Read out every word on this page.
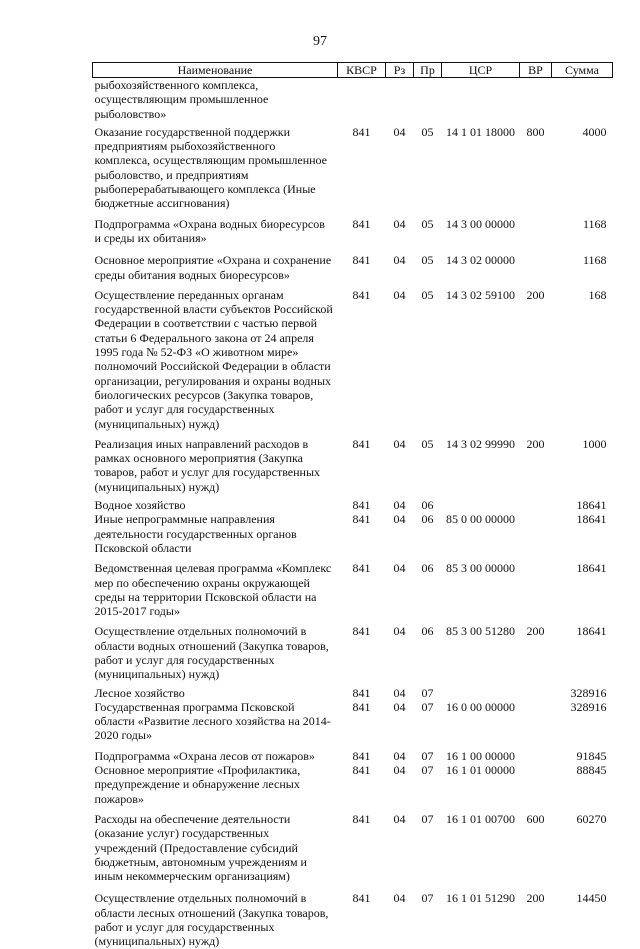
97
Наименование	КВСР	Рз	Пр	ЦСР	ВР	Сумма
рыбохозяйственного комплекса, осуществляющим промышленное рыболовство»						
Оказание государственной поддержки предприятиям рыбохозяйственного комплекса, осуществляющим промышленное рыболовство, и предприятиям рыбоперерабатывающего комплекса (Иные бюджетные ассигнования)	841	04	05	14 1 01 18000	800	4000
Подпрограмма «Охрана водных биоресурсов и среды их обитания»	841	04	05	14 3 00 00000		1168
Основное мероприятие «Охрана и сохранение среды обитания водных биоресурсов»	841	04	05	14 3 02 00000		1168
Осуществление переданных органам государственной власти субъектов Российской Федерации в соответствии с частью первой статьи 6 Федерального закона от 24 апреля 1995 года № 52-ФЗ «О животном мире» полномочий Российской Федерации в области организации, регулирования и охраны водных биологических ресурсов (Закупка товаров, работ и услуг для государственных (муниципальных) нужд)	841	04	05	14 3 02 59100	200	168
Реализация иных направлений расходов в рамках основного мероприятия (Закупка товаров, работ и услуг для государственных (муниципальных) нужд)	841	04	05	14 3 02 99990	200	1000
Водное хозяйство	841	04	06			18641
Иные непрограммные направления деятельности государственных органов Псковской области	841	04	06	85 0 00 00000		18641
Ведомственная целевая программа «Комплекс мер по обеспечению охраны окружающей среды на территории Псковской области на 2015-2017 годы»	841	04	06	85 3 00 00000		18641
Осуществление отдельных полномочий в области водных отношений (Закупка товаров, работ и услуг для государственных (муниципальных) нужд)	841	04	06	85 3 00 51280	200	18641
Лесное хозяйство	841	04	07			328916
Государственная программа Псковской области «Развитие лесного хозяйства на 2014-2020 годы»	841	04	07	16 0 00 00000		328916
Подпрограмма «Охрана лесов от пожаров»	841	04	07	16 1 00 00000		91845
Основное мероприятие «Профилактика, предупреждение и обнаружение лесных пожаров»	841	04	07	16 1 01 00000		88845
Расходы на обеспечение деятельности (оказание услуг) государственных учреждений (Предоставление субсидий бюджетным, автономным учреждениям и иным некоммерческим организациям)	841	04	07	16 1 01 00700	600	60270
Осуществление отдельных полномочий в области лесных отношений (Закупка товаров, работ и услуг для государственных (муниципальных) нужд)	841	04	07	16 1 01 51290	200	14450
